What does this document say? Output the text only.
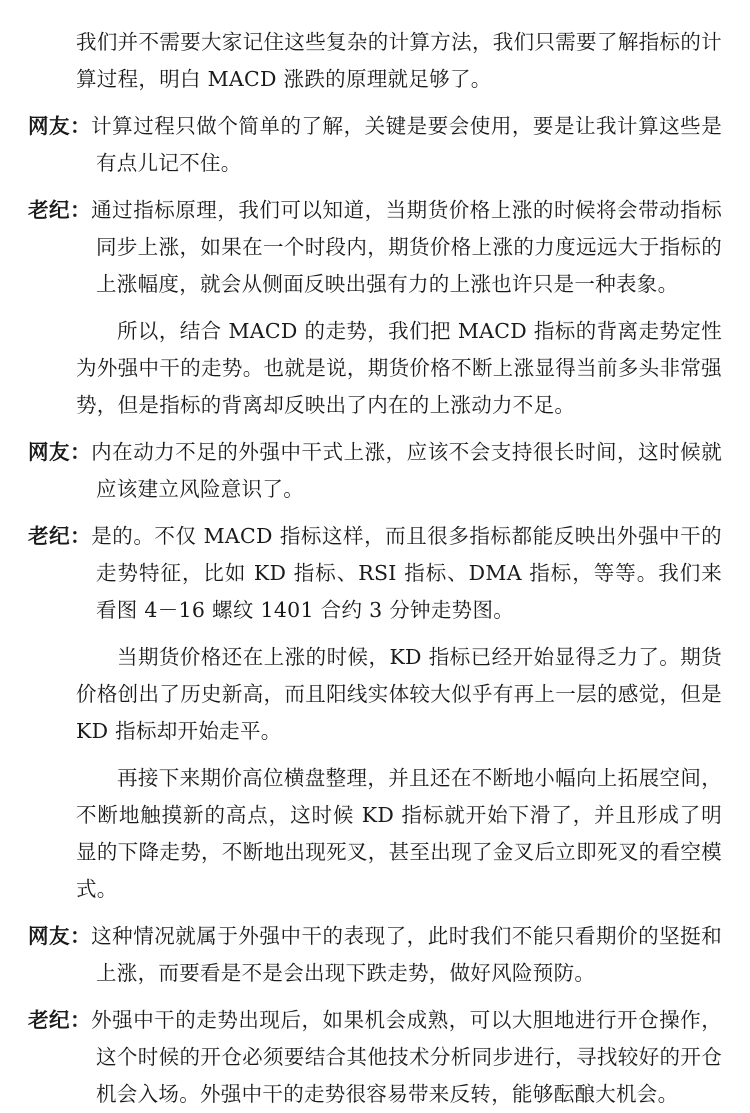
我们并不需要大家记住这些复杂的计算方法，我们只需要了解指标的计算过程，明白 MACD 涨跌的原理就足够了。

网友：计算过程只做个简单的了解，关键是要会使用，要是让我计算这些是有点儿记不住。

老纪：通过指标原理，我们可以知道，当期货价格上涨的时候将会带动指标同步上涨，如果在一个时段内，期货价格上涨的力度远远大于指标的上涨幅度，就会从侧面反映出强有力的上涨也许只是一种表象。

所以，结合 MACD 的走势，我们把 MACD 指标的背离走势定性为外强中干的走势。也就是说，期货价格不断上涨显得当前多头非常强势，但是指标的背离却反映出了内在的上涨动力不足。

网友：内在动力不足的外强中干式上涨，应该不会支持很长时间，这时候就应该建立风险意识了。

老纪：是的。不仅 MACD 指标这样，而且很多指标都能反映出外强中干的走势特征，比如 KD 指标、RSI 指标、DMA 指标，等等。我们来看图 4－16 螺纹 1401 合约 3 分钟走势图。

当期货价格还在上涨的时候，KD 指标已经开始显得乏力了。期货价格创出了历史新高，而且阳线实体较大似乎有再上一层的感觉，但是 KD 指标却开始走平。

再接下来期价高位横盘整理，并且还在不断地小幅向上拓展空间，不断地触摸新的高点，这时候 KD 指标就开始下滑了，并且形成了明显的下降走势，不断地出现死叉，甚至出现了金叉后立即死叉的看空模式。

网友：这种情况就属于外强中干的表现了，此时我们不能只看期价的坚挺和上涨，而要看是不是会出现下跌走势，做好风险预防。

老纪：外强中干的走势出现后，如果机会成熟，可以大胆地进行开仓操作，这个时候的开仓必须要结合其他技术分析同步进行，寻找较好的开仓机会入场。外强中干的走势很容易带来反转，能够酝酿大机会。
